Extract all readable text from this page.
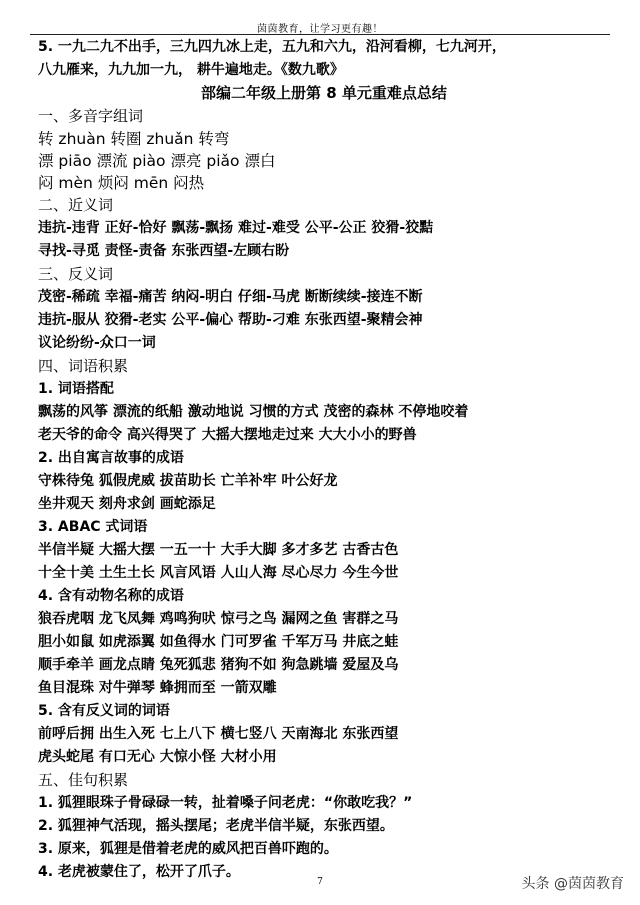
茵茵教育，让学习更有趣！
5. 一九二九不出手，三九四九冰上走，五九和六九，沿河看柳，七九河开，
八九雁来，九九加一九， 耕牛遍地走。《数九歌》
部编二年级上册第 8 单元重难点总结
一、多音字组词
转 zhuàn 转圈 zhuǎn 转弯
漂 piāo 漂流 piào 漂亮 piǎo 漂白
闷 mèn 烦闷 mēn 闷热
二、近义词
违抗-违背 正好-恰好 飘荡-飘扬 难过-难受 公平-公正 狡猾-狡黠
寻找-寻觅 责怪-责备 东张西望-左顾右盼
三、反义词
茂密-稀疏 幸福-痛苦 纳闷-明白 仔细-马虎 断断续续-接连不断
违抗-服从 狡猾-老实 公平-偏心 帮助-刁难 东张西望-聚精会神
议论纷纷-众口一词
四、词语积累
1. 词语搭配
飘荡的风筝 漂流的纸船 激动地说 习惯的方式 茂密的森林 不停地咬着
老天爷的命令 高兴得哭了 大摇大摆地走过来 大大小小的野兽
2. 出自寓言故事的成语
守株待兔 狐假虎威 拔苗助长 亡羊补牢 叶公好龙
坐井观天 刻舟求剑 画蛇添足
3. ABAC 式词语
半信半疑 大摇大摆 一五一十 大手大脚 多才多艺 古香古色
十全十美 土生土长 风言风语 人山人海 尽心尽力 今生今世
4. 含有动物名称的成语
狼吞虎咽 龙飞凤舞 鸡鸣狗吠 惊弓之鸟 漏网之鱼 害群之马
胆小如鼠 如虎添翼 如鱼得水 门可罗雀 千军万马 井底之蛙
顺手牵羊 画龙点睛 兔死狐悲 猪狗不如 狗急跳墙 爱屋及乌
鱼目混珠 对牛弹琴 蜂拥而至 一箭双雕
5. 含有反义词的词语
前呼后拥 出生入死 七上八下 横七竖八 天南海北 东张西望
虎头蛇尾 有口无心 大惊小怪 大材小用
五、佳句积累
1. 狐狸眼珠子骨碌碌一转，扯着嗓子问老虎：“你敢吃我？”
2. 狐狸神气活现，摇头摆尾；老虎半信半疑，东张西望。
3. 原来，狐狸是借着老虎的威风把百兽吓跑的。
4. 老虎被蒙住了，松开了爪子。
7	头条 @茵茵教育
